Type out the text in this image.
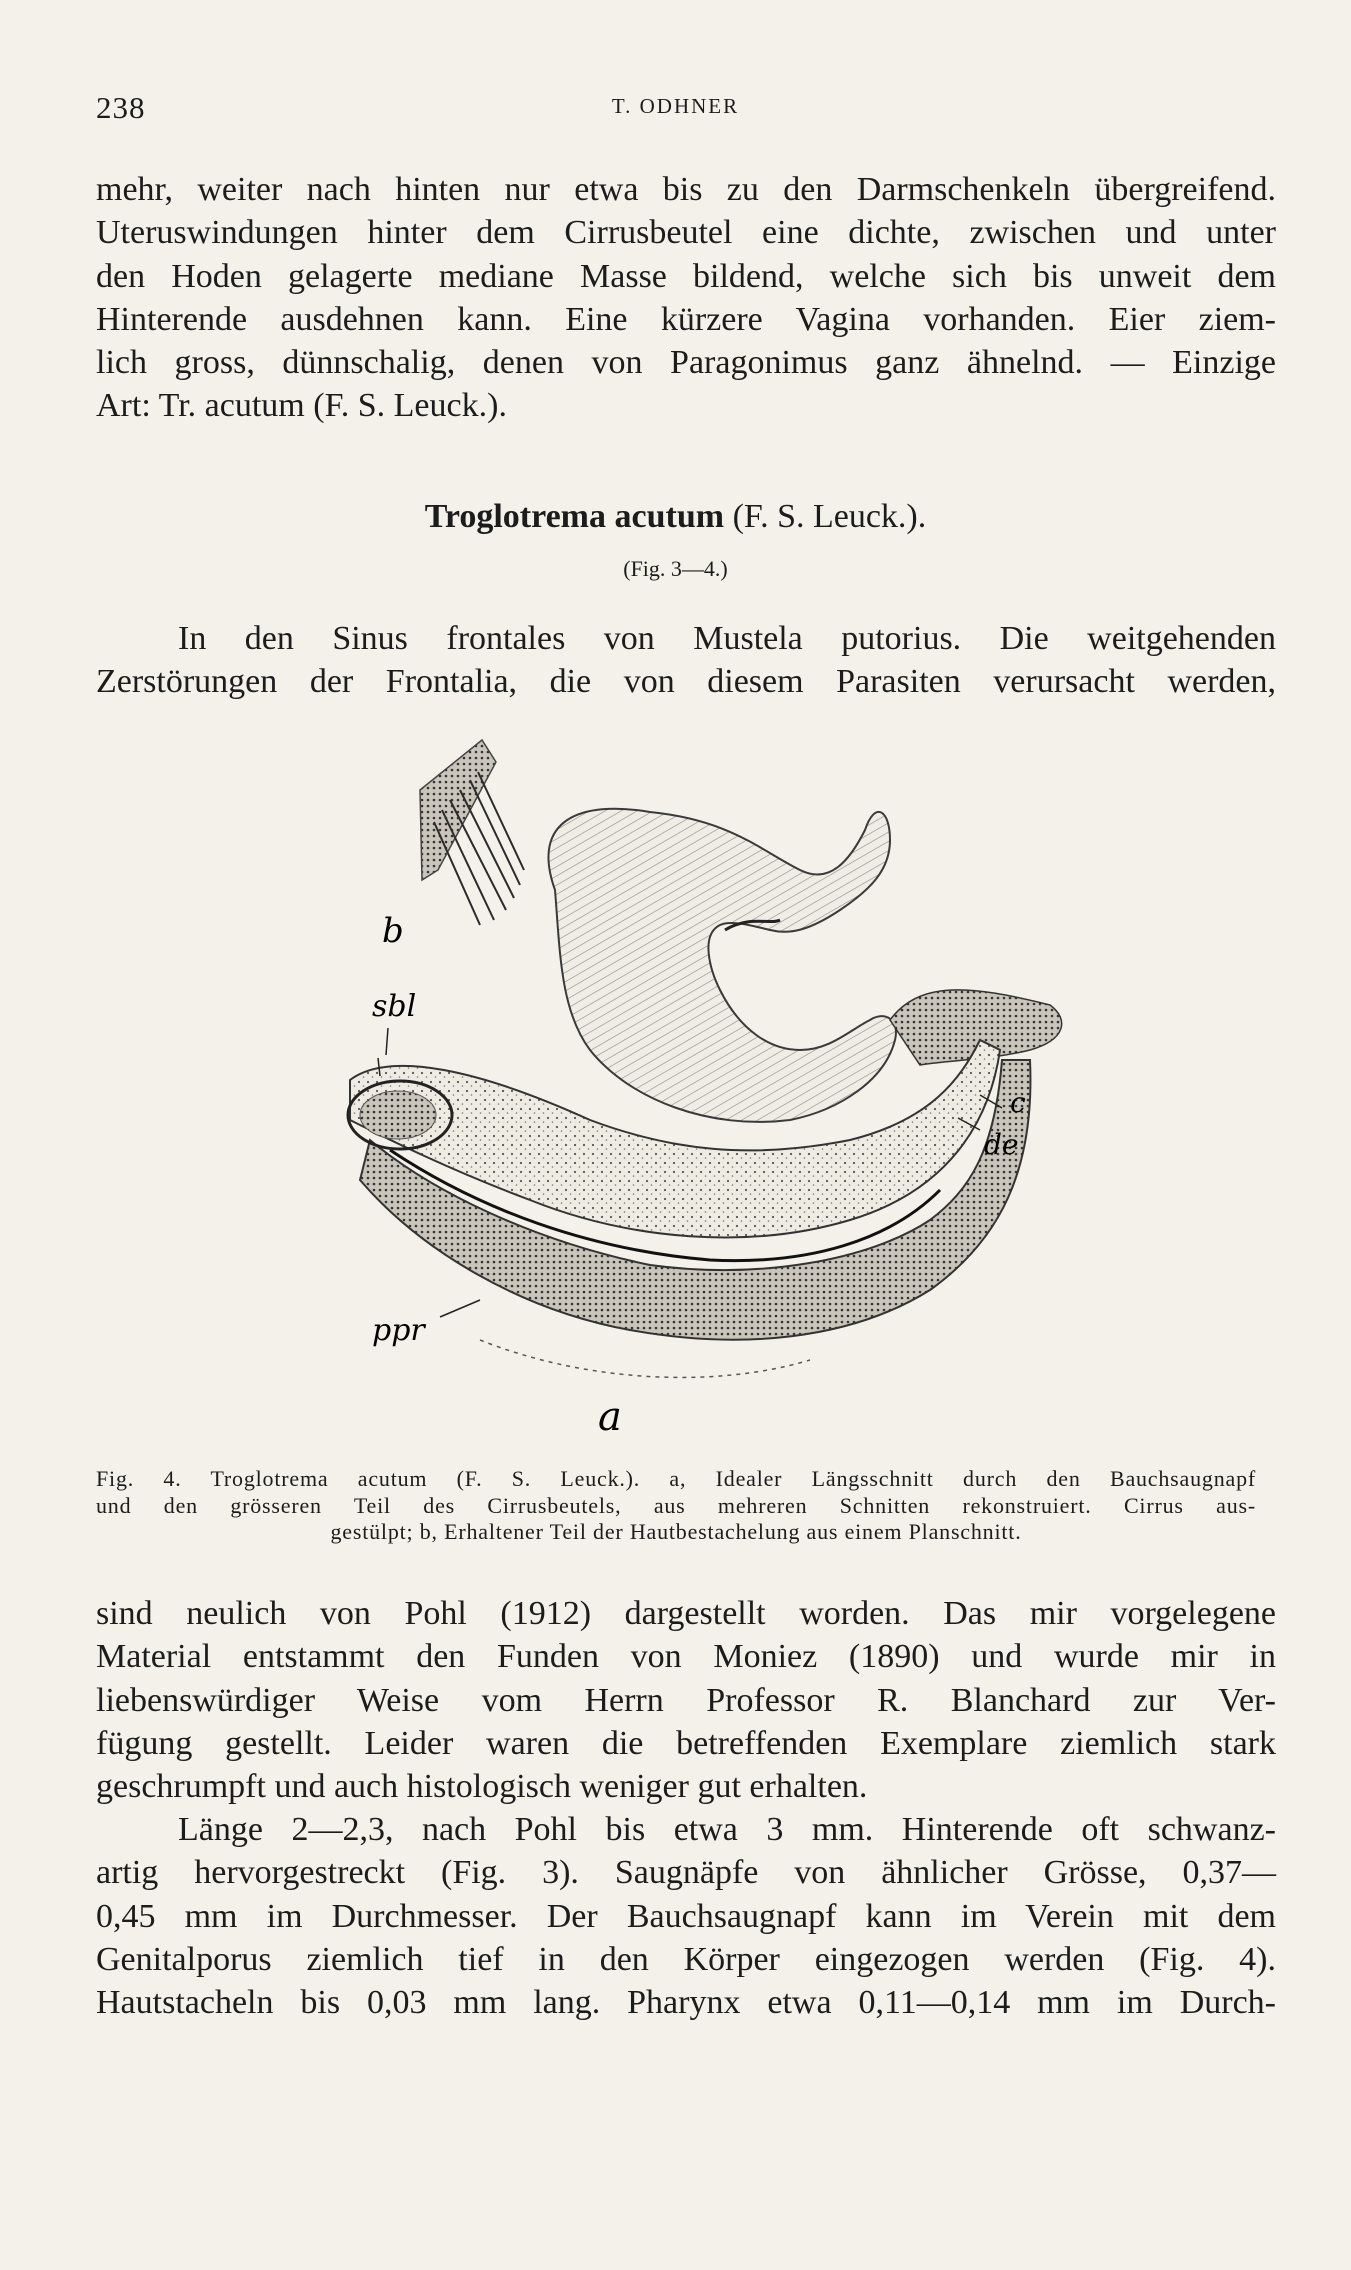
238	T. ODHNER
mehr, weiter nach hinten nur etwa bis zu den Darmschenkeln übergreifend.
Uteruswindungen hinter dem Cirrusbeutel eine dichte, zwischen und unter
den Hoden gelagerte mediane Masse bildend, welche sich bis unweit dem
Hinterende ausdehnen kann. Eine kürzere Vagina vorhanden. Eier ziem-
lich gross, dünnschalig, denen von Paragonimus ganz ähnelnd. — Einzige
Art: Tr. acutum (F. S. Leuck.).
Troglotrema acutum (F. S. Leuck.).
(Fig. 3—4.)
In den Sinus frontales von Mustela putorius. Die weitgehenden
Zerstörungen der Frontalia, die von diesem Parasiten verursacht werden,
b
sbl
c
de
ppr
a
Fig. 4. Troglotrema acutum (F. S. Leuck.). a, Idealer Längsschnitt durch den Bauchsaugnapf
und den grösseren Teil des Cirrusbeutels, aus mehreren Schnitten rekonstruiert. Cirrus aus-
gestülpt; b, Erhaltener Teil der Hautbestachelung aus einem Planschnitt.
sind neulich von Pohl (1912) dargestellt worden. Das mir vorgelegene
Material entstammt den Funden von Moniez (1890) und wurde mir in
liebenswürdiger Weise vom Herrn Professor R. Blanchard zur Ver-
fügung gestellt. Leider waren die betreffenden Exemplare ziemlich stark
geschrumpft und auch histologisch weniger gut erhalten.
Länge 2—2,3, nach Pohl bis etwa 3 mm. Hinterende oft schwanz-
artig hervorgestreckt (Fig. 3). Saugnäpfe von ähnlicher Grösse, 0,37—
0,45 mm im Durchmesser. Der Bauchsaugnapf kann im Verein mit dem
Genitalporus ziemlich tief in den Körper eingezogen werden (Fig. 4).
Hautstacheln bis 0,03 mm lang. Pharynx etwa 0,11—0,14 mm im Durch-
